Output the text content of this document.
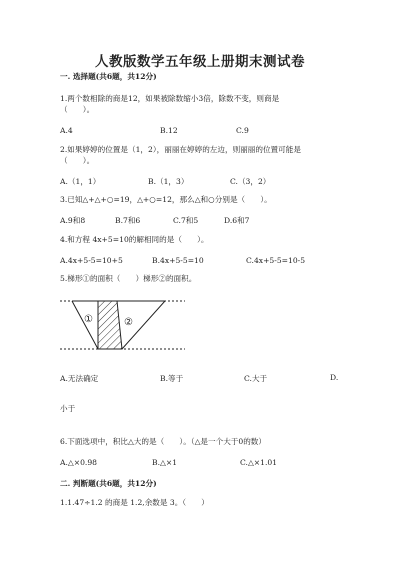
人教版数学五年级上册期末测试卷
一. 选择题(共6题，共12分)
1.两个数相除的商是12，如果被除数缩小3倍，除数不变，则商是
（　　）。
A.4	B.12	C.9
2.如果婷婷的位置是（1，2），丽丽在婷婷的左边，则丽丽的位置可能是
（　　）。
A.（1，1）	B.（1，3）	C.（3，2）
3.已知△+△+○=19，△+○=12，那么△和○分别是（　　）。
A.9和8	B.7和6	C.7和5	D.6和7
4.和方程 4x+5=10的解相同的是（　　）。
A.4x+5-5=10+5	B.4x+5-5=10	C.4x+5-5=10-5
5.梯形①的面积（　　）梯形②的面积。
①	②
A.无法确定	B.等于	C.大于	D.
小于
6.下面选项中，积比△大的是（　　）。（△是一个大于0的数）
A.△×0.98	B.△×1	C.△×1.01
二. 判断题(共6题，共12分)
1.1.47÷1.2 的商是 1.2,余数是 3。（　　）
